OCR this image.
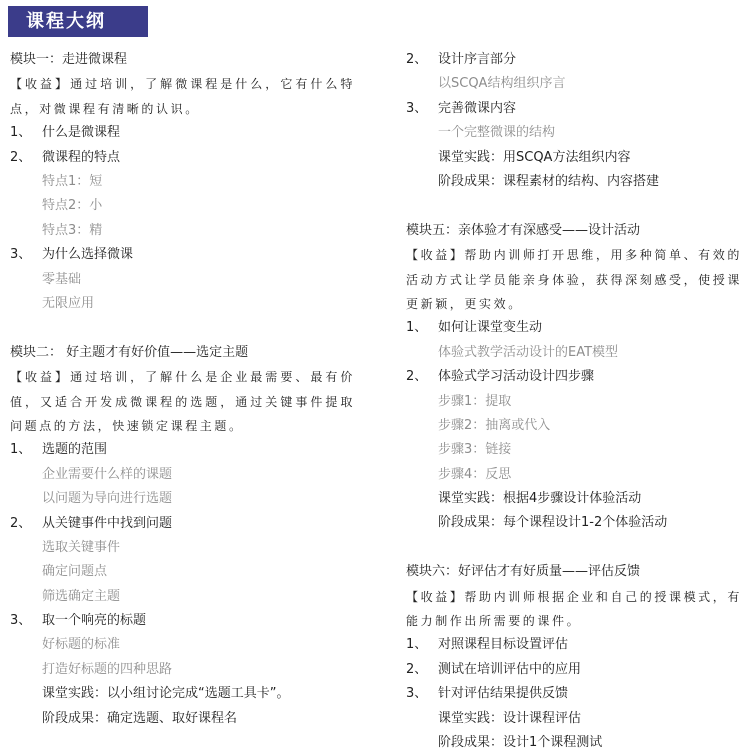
课程大纲
模块一：走进微课程
【收益】通过培训，了解微课程是什么，它有什么特点，对微课程有清晰的认识。
1、 什么是微课程
2、 微课程的特点
特点1：短
特点2：小
特点3：精
3、 为什么选择微课
零基础
无限应用
模块二： 好主题才有好价值——选定主题
【收益】通过培训，了解什么是企业最需要、最有价值，又适合开发成微课程的选题，通过关键事件提取问题点的方法，快速锁定课程主题。
1、 选题的范围
企业需要什么样的课题
以问题为导向进行选题
2、 从关键事件中找到问题
选取关键事件
确定问题点
筛选确定主题
3、 取一个响亮的标题
好标题的标准
打造好标题的四种思路
课堂实践：以小组讨论完成“选题工具卡”。
阶段成果：确定选题、取好课程名
2、 设计序言部分
以SCQA结构组织序言
3、 完善微课内容
一个完整微课的结构
课堂实践：用SCQA方法组织内容
阶段成果：课程素材的结构、内容搭建
模块五：亲体验才有深感受——设计活动
【收益】帮助内训师打开思维，用多种简单、有效的活动方式让学员能亲身体验，获得深刻感受，使授课更新颖，更实效。
1、 如何让课堂变生动
体验式教学活动设计的EAT模型
2、 体验式学习活动设计四步骤
步骤1：提取
步骤2：抽离或代入
步骤3：链接
步骤4：反思
课堂实践：根据4步骤设计体验活动
阶段成果：每个课程设计1-2个体验活动
模块六：好评估才有好质量——评估反馈
【收益】帮助内训师根据企业和自己的授课模式，有能力制作出所需要的课件。
1、 对照课程目标设置评估
2、 测试在培训评估中的应用
3、 针对评估结果提供反馈
课堂实践：设计课程评估
阶段成果：设计1个课程测试
